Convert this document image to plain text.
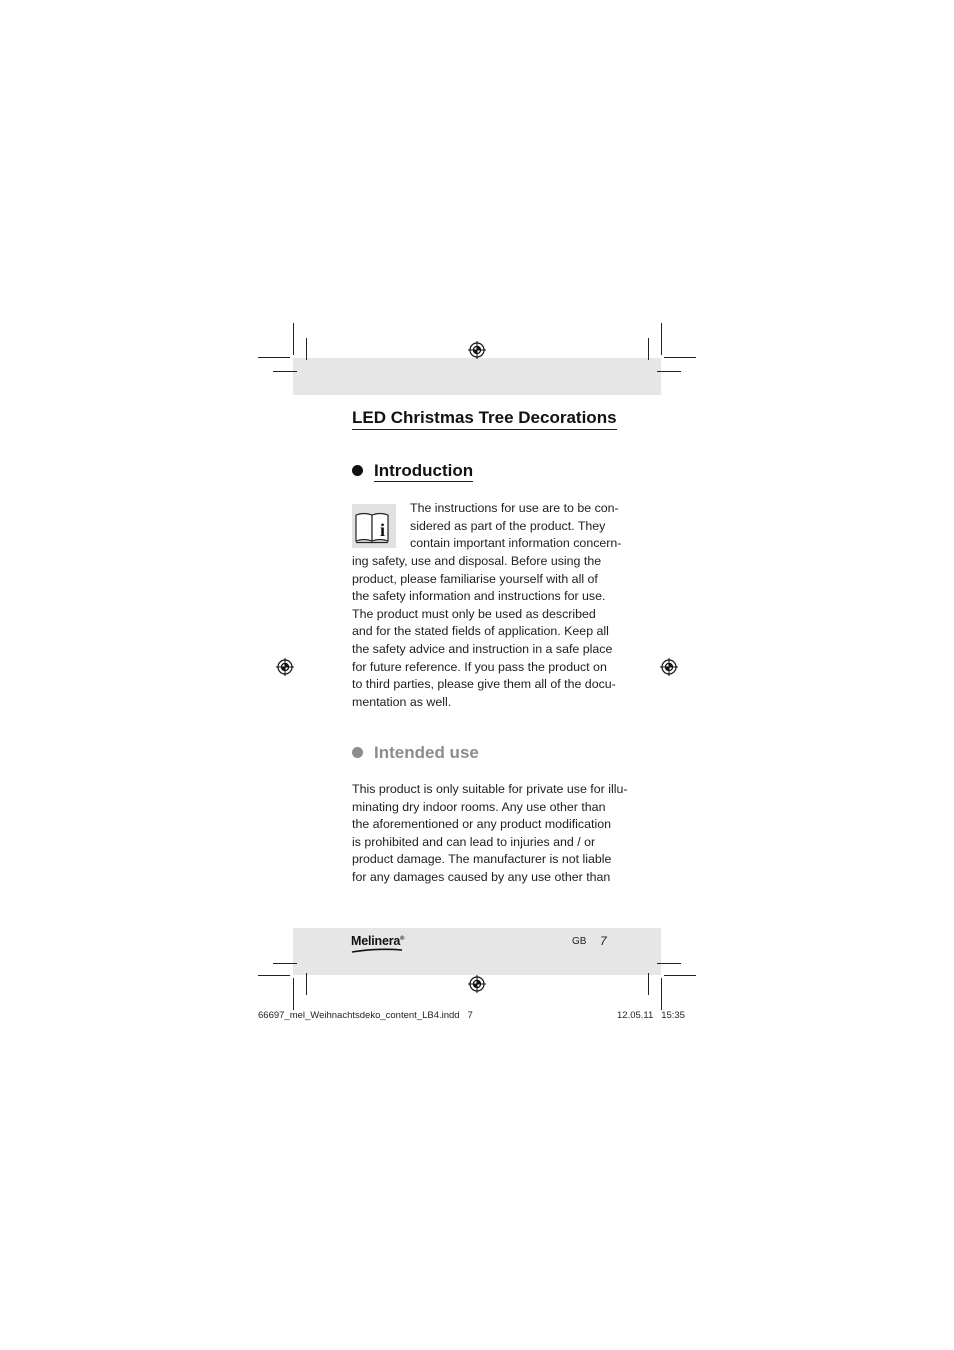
LED Christmas Tree Decorations
Introduction
i

The instructions for use are to be con-
sidered as part of the product. They
contain important information concern-

ing safety, use and disposal. Before using the
product, please familiarise yourself with all of
the safety information and instructions for use.
The product must only be used as described
and for the stated fields of application. Keep all
the safety advice and instruction in a safe place
for future reference. If you pass the product on
to third parties, please give them all of the docu-
mentation as well.

Intended use

This product is only suitable for private use for illu-
minating dry indoor rooms. Any use other than
the aforementioned or any product modification
is prohibited and can lead to injuries and / or
product damage. The manufacturer is not liable
for any damages caused by any use other than

Melinera®	GB 7
66697_mel_Weihnachtsdeko_content_LB4.indd   7	12.05.11   15:35
